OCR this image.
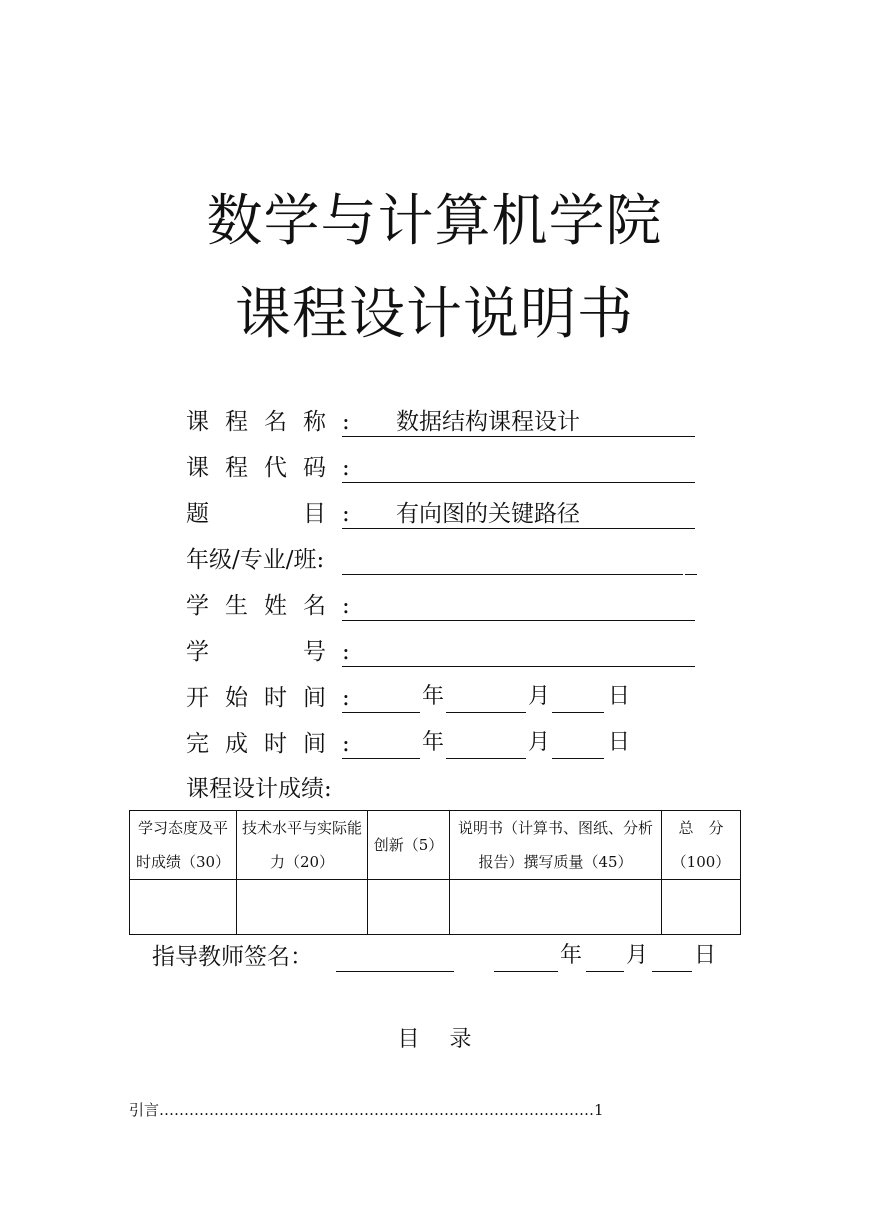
数学与计算机学院
课程设计说明书
课程名称: 数据结构课程设计
课程代码:
题　　目: 有向图的关键路径
年级/专业/班:
学生姓名:
学　　号:
开始时间:	年	月	日
完成时间:	年	月	日
课程设计成绩:
学习态度及平时成绩（30）	技术水平与实际能力（20）	创新（5）	说明书（计算书、图纸、分析报告）撰写质量（45）	总　分（100）

指导教师签名：	年 月 日
目录
引言……………………………………………………………………………1
